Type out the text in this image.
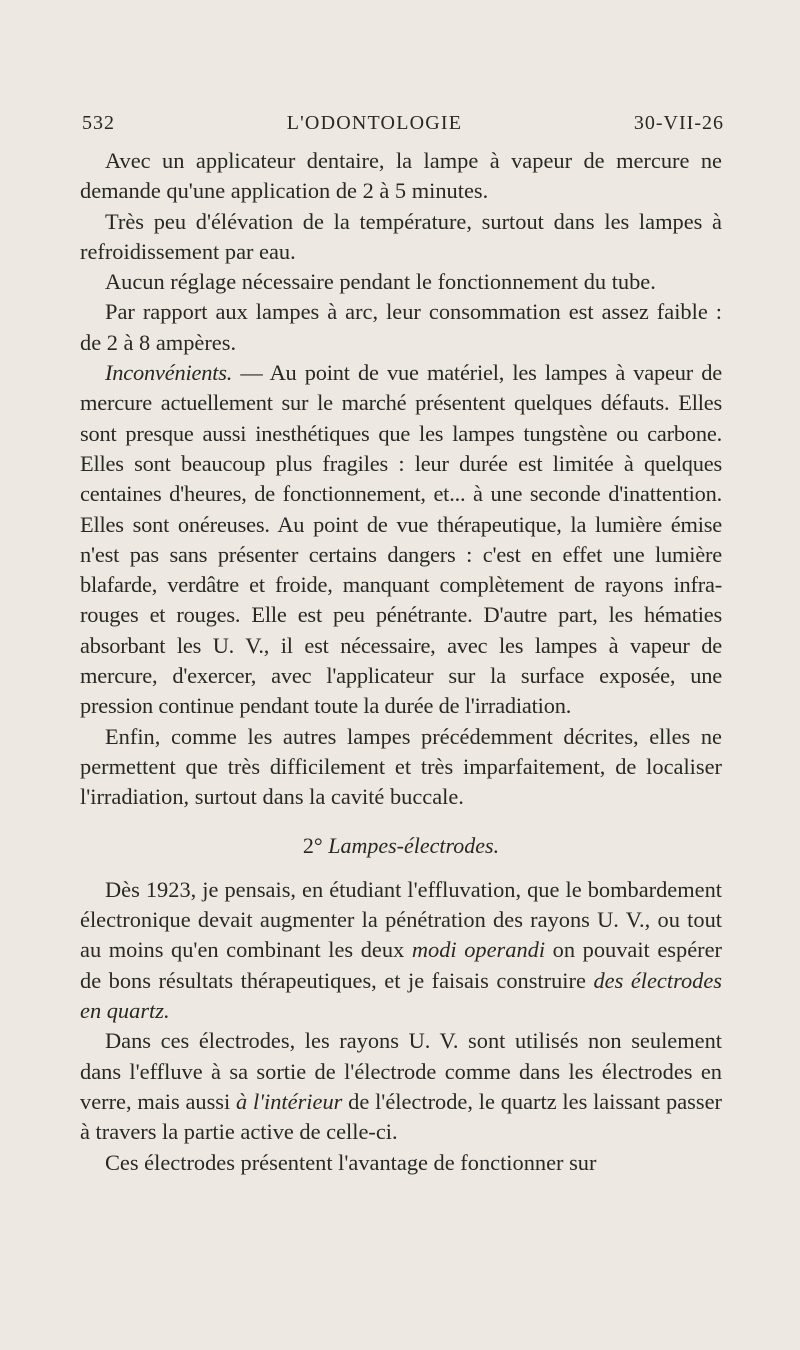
532	L'ODONTOLOGIE	30-VII-26

Avec un applicateur dentaire, la lampe à vapeur de mercure ne demande qu'une application de 2 à 5 minutes.

Très peu d'élévation de la température, surtout dans les lampes à refroidissement par eau.

Aucun réglage nécessaire pendant le fonctionnement du tube.

Par rapport aux lampes à arc, leur consommation est assez faible : de 2 à 8 ampères.

Inconvénients. — Au point de vue matériel, les lampes à vapeur de mercure actuellement sur le marché présentent quelques défauts. Elles sont presque aussi inesthétiques que les lampes tungstène ou carbone. Elles sont beaucoup plus fragiles : leur durée est limitée à quelques centaines d'heures, de fonctionnement, et... à une seconde d'inattention. Elles sont onéreuses. Au point de vue thérapeutique, la lumière émise n'est pas sans présenter certains dangers : c'est en effet une lumière blafarde, verdâtre et froide, manquant complètement de rayons infra-rouges et rouges. Elle est peu pénétrante. D'autre part, les hématies absorbant les U. V., il est nécessaire, avec les lampes à vapeur de mercure, d'exercer, avec l'applicateur sur la surface exposée, une pression continue pendant toute la durée de l'irradiation.

Enfin, comme les autres lampes précédemment décrites, elles ne permettent que très difficilement et très imparfaitement, de localiser l'irradiation, surtout dans la cavité buccale.

2° Lampes-électrodes.

Dès 1923, je pensais, en étudiant l'effluvation, que le bombardement électronique devait augmenter la pénétration des rayons U. V., ou tout au moins qu'en combinant les deux modi operandi on pouvait espérer de bons résultats thérapeutiques, et je faisais construire des électrodes en quartz.

Dans ces électrodes, les rayons U. V. sont utilisés non seulement dans l'effluve à sa sortie de l'électrode comme dans les électrodes en verre, mais aussi à l'intérieur de l'électrode, le quartz les laissant passer à travers la partie active de celle-ci.

Ces électrodes présentent l'avantage de fonctionner sur
